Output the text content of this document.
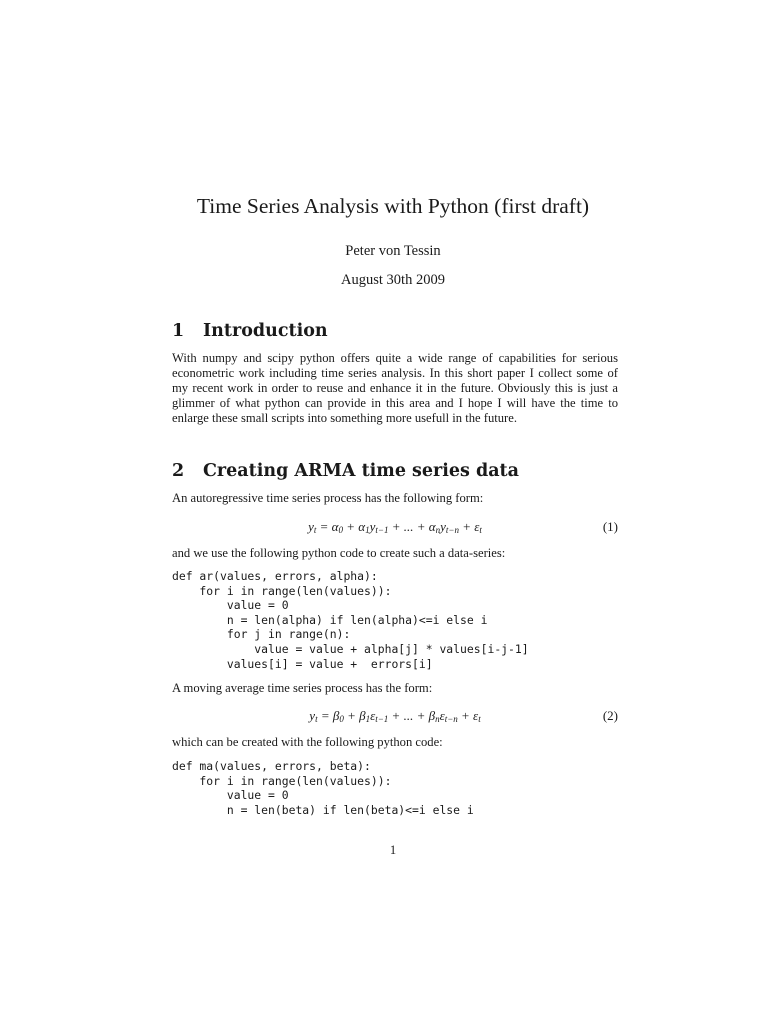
Time Series Analysis with Python (first draft)
Peter von Tessin
August 30th 2009
1 Introduction
With numpy and scipy python offers quite a wide range of capabilities for serious econometric work including time series analysis. In this short paper I collect some of my recent work in order to reuse and enhance it in the future. Obviously this is just a glimmer of what python can provide in this area and I hope I will have the time to enlarge these small scripts into something more usefull in the future.
2 Creating ARMA time series data
An autoregressive time series process has the following form:
$y_t = \alpha_0 + \alpha_1y_{t-1}$ + ... + $\alpha_ny_{t-n} + \varepsilon_t$	(1)
and we use the following python code to create such a data-series:
def ar(values, errors, alpha):
for i in range(len(values)):
value = 0
n = len(alpha) if len(alpha)<=i else i
for j in range(n):
value = value + alpha[j] * values[i-j-1]
values[i] = value +  errors[i]
A moving average time series process has the form:
$y_t = \beta_0 + \beta_1\varepsilon_{t-1}$ + ... + $\beta_n\varepsilon_{t-n} + \varepsilon_t$	(2)
which can be created with the following python code:
def ma(values, errors, beta):
for i in range(len(values)):
value = 0
n = len(beta) if len(beta)<=i else i
1
